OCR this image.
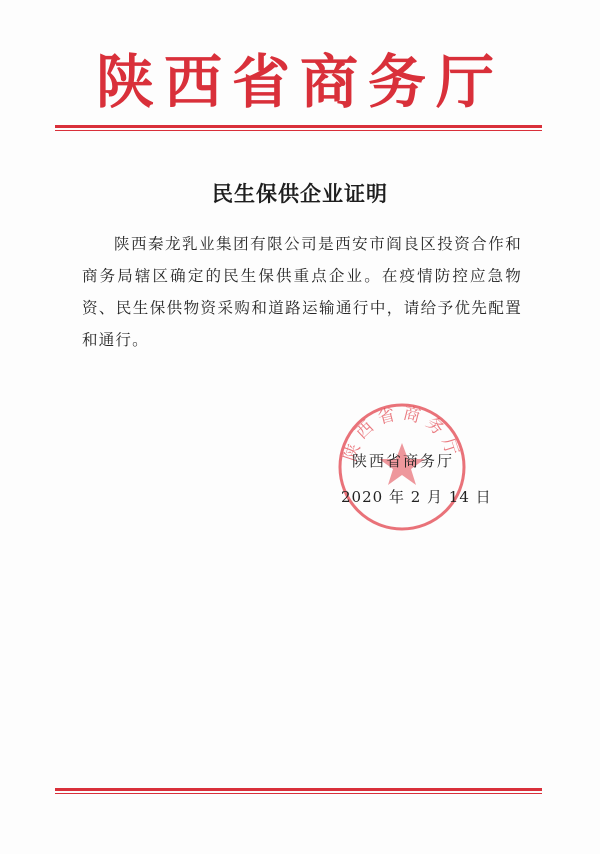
陕西省商务厅
民生保供企业证明
陕西秦龙乳业集团有限公司是西安市阎良区投资合作和商务局辖区确定的民生保供重点企业。在疫情防控应急物资、民生保供物资采购和道路运输通行中，请给予优先配置和通行。
陕西省商务厅
陕西省商务厅
2020 年 2 月 14 日
